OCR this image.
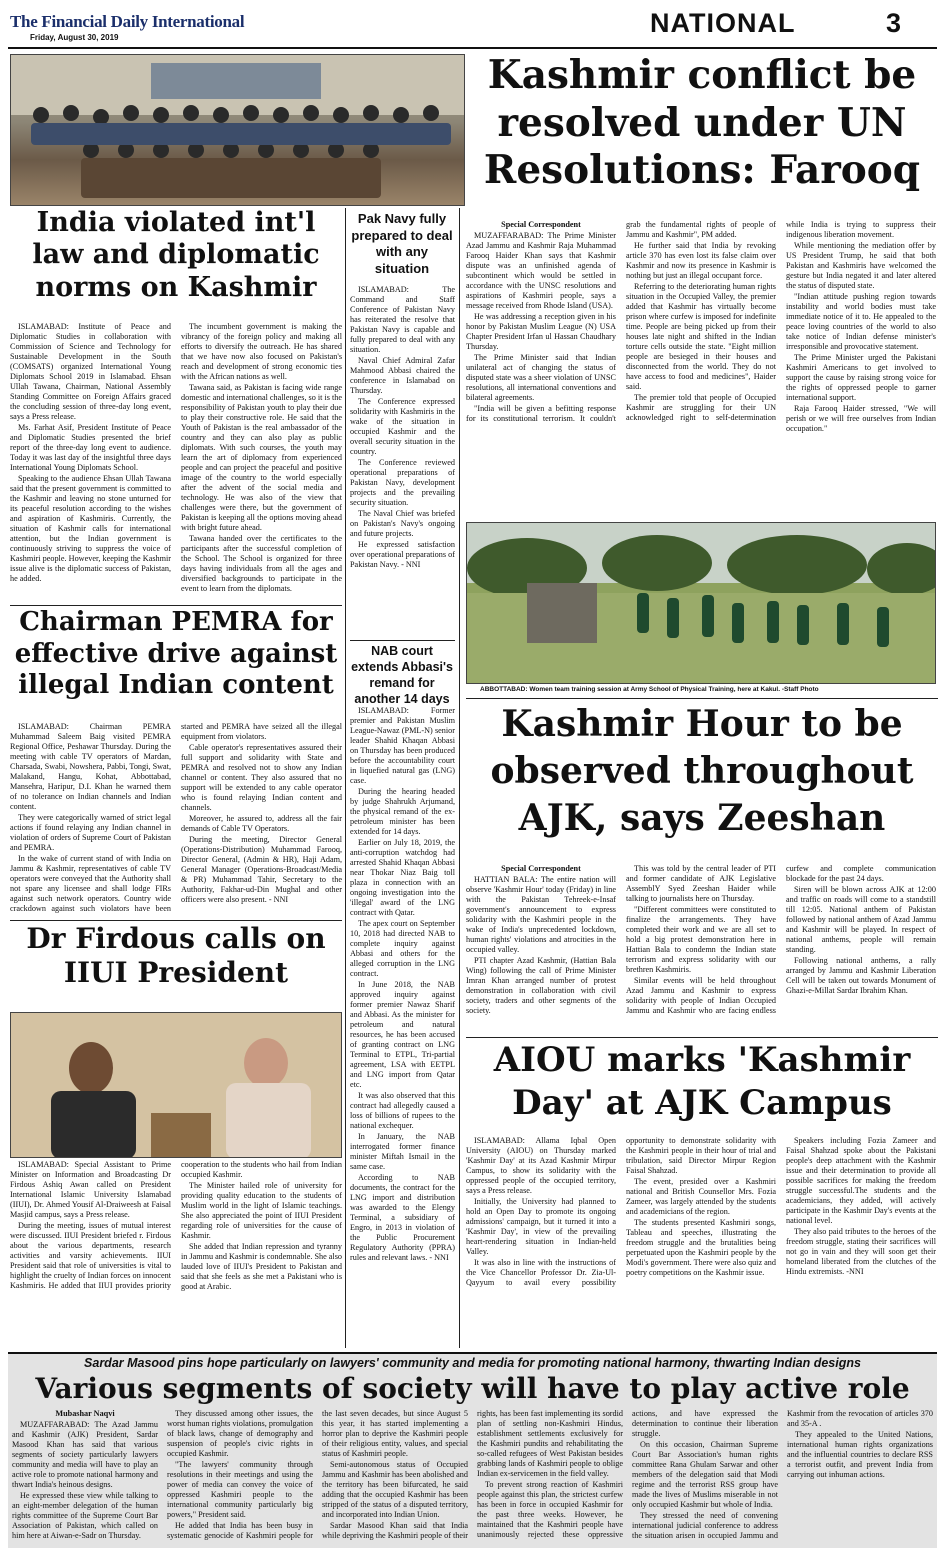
The Financial Daily International
Friday, August 30, 2019	NATIONAL	3
India violated int'l law and diplomatic norms on Kashmir

ISLAMABAD: Institute of Peace and Diplomatic Studies in collaboration with Commission of Science and Technology for Sustainable Development in the South (COMSATS) organized International Young Diplomats School 2019 in Islamabad. Ehsan Ullah Tawana, Chairman, National Assembly Standing Committee on Foreign Affairs graced the concluding session of three-day long event, says a Press release.

Ms. Farhat Asif, President Institute of Peace and Diplomatic Studies presented the brief report of the three-day long event to audience. Today it was last day of the insightful three days International Young Diplomats School.

Speaking to the audience Ehsan Ullah Tawana said that the present government is committed to the Kashmir and leaving no stone unturned for its peaceful resolution according to the wishes and aspiration of Kashmiris. Currently, the situation of Kashmir calls for international attention, but the Indian government is continuously striving to suppress the voice of Kashmiri people. However, keeping the Kashmir issue alive is the diplomatic success of Pakistan, he added.

The incumbent government is making the vibrancy of the foreign policy and making all efforts to diversify the outreach. He has shared that we have now also focused on Pakistan's reach and development of strong economic ties with the African nations as well.

Tawana said, as Pakistan is facing wide range domestic and international challenges, so it is the responsibility of Pakistan youth to play their due to play their constructive role. He said that the Youth of Pakistan is the real ambassador of the country and they can also play as public diplomats. With such courses, the youth may learn the art of diplomacy from experienced people and can project the peaceful and positive image of the country to the world especially after the advent of the social media and technology. He was also of the view that challenges were there, but the government of Pakistan is keeping all the options moving ahead with bright future ahead.

Tawana handed over the certificates to the participants after the successful completion of the School. The School is organized for three days having individuals from all the ages and diversified backgrounds to participate in the event to learn from the diplomats.

Chairman PEMRA for effective drive against illegal Indian content

ISLAMABAD: Chairman PEMRA Muhammad Saleem Baig visited PEMRA Regional Office, Peshawar Thursday. During the meeting with cable TV operators of Mardan, Charsada, Swabi, Nowshera, Pabbi, Tongi, Swat, Malakand, Hangu, Kohat, Abbottabad, Mansehra, Haripur, D.I. Khan he warned them of no tolerance on Indian channels and Indian content.

They were categorically warned of strict legal actions if found relaying any Indian channel in violation of orders of Supreme Court of Pakistan and PEMRA.

In the wake of current stand of with India on Jammu & Kashmir, representatives of cable TV operators were conveyed that the Authority shall not spare any licensee and shall lodge FIRs against such network operators. Country wide crackdown against such violators have been started and PEMRA have seized all the illegal equipment from violators.

Cable operator's representatives assured their full support and solidarity with State and PEMRA and resolved not to show any Indian channel or content. They also assured that no support will be extended to any cable operator who is found relaying Indian content and channels.

Moreover, he assured to, address all the fair demands of Cable TV Operators.

During the meeting, Director General (Operations-Distribution) Muhammad Farooq, Director General, (Admin & HR), Haji Adam, General Manager (Operations-Broadcast/Media & PR) Muhammad Tahir, Secretary to the Authority, Fakhar-ud-Din Mughal and other officers were also present. - NNI

Dr Firdous calls on IIUI President

ISLAMABAD: Special Assistant to Prime Minister on Information and Broadcasting Dr Firdous Ashiq Awan called on President International Islamic University Islamabad (IIUI), Dr. Ahmed Yousif Al-Draiweesh at Faisal Masjid campus, says a Press release.

During the meeting, issues of mutual interest were discussed. IIUI President briefed r. Firdous about the various departments, research activities and varsity achievements. IIUI President said that role of universities is vital to highlight the cruelty of Indian forces on innocent Kashmiris. He added that IIUI provides priority cooperation to the students who hail from Indian occupied Kashmir.

The Minister hailed role of university for providing quality education to the students of Muslim world in the light of Islamic teachings. She also appreciated the point of IIUI President regarding role of universities for the cause of Kashmir.

She added that Indian repression and tyranny in Jammu and Kashmir is condemnable. She also lauded love of IIUI's President to Pakistan and said that she feels as she met a Pakistani who is good at Arabic.

Pak Navy fully prepared to deal with any situation

ISLAMABAD: The Command and Staff Conference of Pakistan Navy has reiterated the resolve that Pakistan Navy is capable and fully prepared to deal with any situation.

Naval Chief Admiral Zafar Mahmood Abbasi chaired the conference in Islamabad on Thursday.

The Conference expressed solidarity with Kashmiris in the wake of the situation in occupied Kashmir and the overall security situation in the country.

The Conference reviewed operational preparations of Pakistan Navy, development projects and the prevailing security situation.

The Naval Chief was briefed on Pakistan's Navy's ongoing and future projects.

He expressed satisfaction over operational preparations of Pakistan Navy. - NNI

NAB court extends Abbasi's remand for another 14 days

ISLAMABAD: Former premier and Pakistan Muslim League-Nawaz (PML-N) senior leader Shahid Khaqan Abbasi on Thursday has been produced before the accountability court in liquefied natural gas (LNG) case.

During the hearing headed by judge Shahrukh Arjumand, the physical remand of the ex-petroleum minister has been extended for 14 days.

Earlier on July 18, 2019, the anti-corruption watchdog had arrested Shahid Khaqan Abbasi near Thokar Niaz Baig toll plaza in connection with an ongoing investigation into the 'illegal' award of the LNG contract with Qatar.

The apex court on September 10, 2018 had directed NAB to complete inquiry against Abbasi and others for the alleged corruption in the LNG contract.

In June 2018, the NAB approved inquiry against former premier Nawaz Sharif and Abbasi. As the minister for petroleum and natural resources, he has been accused of granting contract on LNG Terminal to ETPL, Tri-partial agreement, LSA with EETPL and LNG import from Qatar etc.

It was also observed that this contract had allegedly caused a loss of billions of rupees to the national exchequer.

In January, the NAB interrogated former finance minister Miftah Ismail in the same case.

According to NAB documents, the contract for the LNG import and distribution was awarded to the Elengy Terminal, a subsidiary of Engro, in 2013 in violation of the Public Procurement Regulatory Authority (PPRA) rules and relevant laws. - NNI

Kashmir conflict be resolved under UN Resolutions: Farooq
Special Correspondent

MUZAFFARABAD: The Prime Minister Azad Jammu and Kashmir Raja Muhammad Farooq Haider Khan says that Kashmir dispute was an unfinished agenda of subcontinent which would be settled in accordance with the UNSC resolutions and aspirations of Kashmiri people, says a message received from Rhode Island (USA).

He was addressing a reception given in his honor by Pakistan Muslim League (N) USA Chapter President Irfan ul Hassan Chaudhary Thursday.

The Prime Minister said that Indian unilateral act of changing the status of disputed state was a sheer violation of UNSC resolutions, all international conventions and bilateral agreements.

"India will be given a befitting response for its constitutional terrorism. It couldn't grab the fundamental rights of people of Jammu and Kashmir", PM added.

He further said that India by revoking article 370 has even lost its false claim over Kashmir and now its presence in Kashmir is nothing but just an illegal occupant force.

Referring to the deteriorating human rights situation in the Occupied Valley, the premier added that Kashmir has virtually become prison where curfew is imposed for indefinite time. People are being picked up from their houses late night and shifted in the Indian torture cells outside the state. "Eight million people are besieged in their houses and disconnected from the world. They do not have access to food and medicines", Haider said.

The premier told that people of Occupied Kashmir are struggling for their UN acknowledged right to self-determination while India is trying to suppress their indigenous liberation movement.

While mentioning the mediation offer by US President Trump, he said that both Pakistan and Kashmiris have welcomed the gesture but India negated it and later altered the status of disputed state.

"Indian attitude pushing region towards instability and world bodies must take immediate notice of it to. He appealed to the peace loving countries of the world to also take notice of Indian defense minister's irresponsible and provocative statement.

The Prime Minister urged the Pakistani Kashmiri Americans to get involved to support the cause by raising strong voice for the rights of oppressed people to garner international support.

Raja Farooq Haider stressed, "We will perish or we will free ourselves from Indian occupation."

ABBOTTABAD: Women team training session at Army School of Physical Training, here at Kakul. -Staff Photo
Kashmir Hour to be observed throughout AJK, says Zeeshan
Special Correspondent

HATTIAN BALA: The entire nation will observe 'Kashmir Hour' today (Friday) in line with the Pakistan Tehreek-e-Insaf government's announcement to express solidarity with the Kashmiri people in the wake of India's unprecedented lockdown, human rights' violations and atrocities in the occupied valley.

PTI chapter Azad Kashmir, (Hattian Bala Wing) following the call of Prime Minister Imran Khan arranged number of protest demonstration in collaboration with civil society, traders and other segments of the society.

This was told by the central leader of PTI and former candidate of AJK Legislative AssemblY Syed Zeeshan Haider while talking to journalists here on Thursday.

"Different committees were constituted to finalize the arrangements. They have completed their work and we are all set to hold a big protest demonstration here in Hattian Bala to condemn the Indian state terrorism and express solidarity with our brethren Kashmiris.

Similar events will be held throughout Azad Jammu and Kashmir to express solidarity with people of Indian Occupied Jammu and Kashmir who are facing endless curfew and complete communication blockade for the past 24 days.

Siren will be blown across AJK at 12:00 and traffic on roads will come to a standstill till 12:05. National anthem of Pakistan followed by national anthem of Azad Jammu and Kashmir will be played. In respect of national anthems, people will remain standing.

Following national anthems, a rally arranged by Jammu and Kashmir Liberation Cell will be taken out towards Monument of Ghazi-e-Millat Sardar Ibrahim Khan.

AIOU marks 'Kashmir Day' at AJK Campus

ISLAMABAD: Allama Iqbal Open University (AIOU) on Thursday marked 'Kashmir Day' at its Azad Kashmir Mirpur Campus, to show its solidarity with the oppressed people of the occupied territory, says a Press release.

Initially, the University had planned to hold an Open Day to promote its ongoing admissions' campaign, but it turned it into a 'Kashmir Day', in view of the prevailing heart-rendering situation in Indian-held Valley.

It was also in line with the instructions of the Vice Chancellor Professor Dr. Zia-Ul-Qayyum to avail every possibility opportunity to demonstrate solidarity with the Kashmiri people in their hour of trial and tribulation, said Director Mirpur Region Faisal Shahzad.

The event, presided over a Kashmiri national and British Counsellor Mrs. Fozia Zameer, was largely attended by the students and academicians of the region.

The students presented Kashmiri songs, Tableau and speeches, illustrating the freedom struggle and the brutalities being perpetuated upon the Kashmiri people by the Modi's government. There were also quiz and poetry competitions on the Kashmir issue.

Speakers including Fozia Zameer and Faisal Shahzad spoke about the Pakistani people's deep attachment with the Kashmir issue and their determination to provide all possible sacrifices for making the freedom struggle successful.The students and the academicians, they added, will actively participate in the Kashmir Day's events at the national level.

They also paid tributes to the heroes of the freedom struggle, stating their sacrifices will not go in vain and they will soon get their homeland liberated from the clutches of the Hindu extremists. -NNI

Sardar Masood pins hope particularly on lawyers' community and media for promoting national harmony, thwarting Indian designs
Various segments of society will have to play active role
Mubashar Naqvi

MUZAFFARABAD: The Azad Jammu and Kashmir (AJK) President, Sardar Masood Khan has said that various segments of society particularly lawyers community and media will have to play an active role to promote national harmony and thwart India's heinous designs.

He expressed these view while talking to an eight-member delegation of the human rights committee of the Supreme Court Bar Association of Pakistan, which called on him here at Aiwan-e-Sadr on Thursday.

They discussed among other issues, the worst human rights violations, promulgation of black laws, change of demography and suspension of people's civic rights in occupied Kashmir.

"The lawyers' community through resolutions in their meetings and using the power of media can convey the voice of oppressed Kashmiri people to the international community particularly big powers," President said.

He added that India has been busy in systematic genocide of Kashmiri people for the last seven decades, but since August 5 this year, it has started implementing a horror plan to deprive the Kashmiri people of their religious entity, values, and special status of Kashmiri people.

Semi-autonomous status of Occupied Jammu and Kashmir has been abolished and the territory has been bifurcated, he said adding that the occupied Kashmir has been stripped of the status of a disputed territory, and incorporated into Indian Union.

Sardar Masood Khan said that India while depriving the Kashmiri people of their rights, has been fast implementing its sordid plan of settling non-Kashmiri Hindus, establishment settlements exclusively for the Kashmiri pundits and rehabilitating the so-called refugees of West Pakistan besides grabbing lands of Kashmiri people to oblige Indian ex-servicemen in the field valley.

To prevent strong reaction of Kashmiri people against this plan, the strictest curfew has been in force in occupied Kashmir for the past three weeks. However, he maintained that the Kashmiri people have unanimously rejected these oppressive actions, and have expressed the determination to continue their liberation struggle.

On this occasion, Chairman Supreme Court Bar Association's human rights committee Rana Ghulam Sarwar and other members of the delegation said that Modi regime and the terrorist RSS group have made the lives of Muslims miserable in not only occupied Kashmir but whole of India.

They stressed the need of convening international judicial conference to address the situation arisen in occupied Jammu and Kashmir from the revocation of articles 370 and 35-A .

They appealed to the United Nations, international human rights organizations and the influential countries to declare RSS a terrorist outfit, and prevent India from carrying out inhuman actions.
